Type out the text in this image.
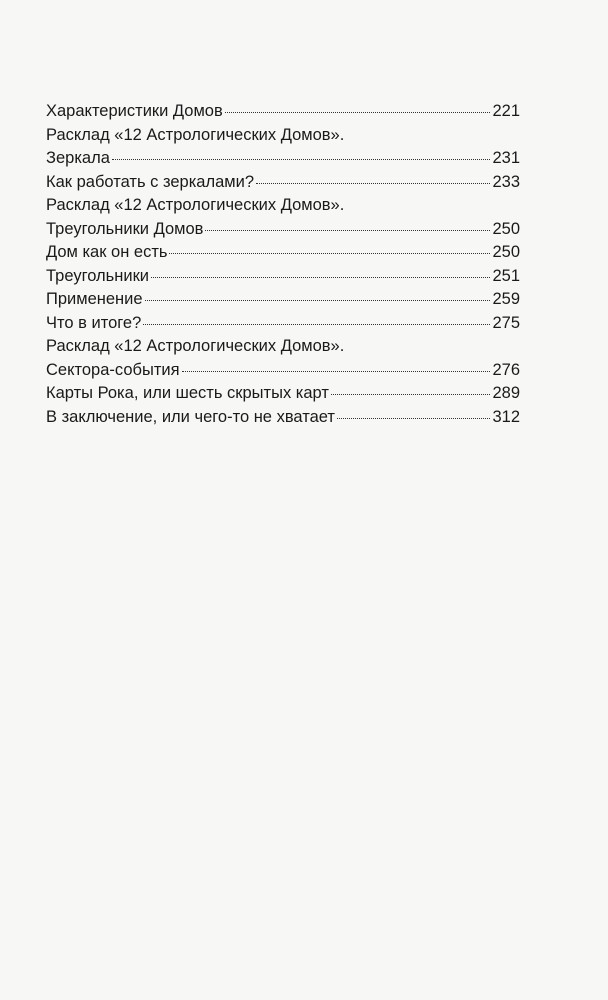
Характеристики Домов	221
Расклад «12 Астрологических Домов».
Зеркала	231
Как работать с зеркалами?	233
Расклад «12 Астрологических Домов».
Треугольники Домов	250
Дом как он есть	250
Треугольники	251
Применение	259
Что в итоге?	275
Расклад «12 Астрологических Домов».
Сектора-события	276
Карты Рока, или шесть скрытых карт	289
В заключение, или чего-то не хватает	312
